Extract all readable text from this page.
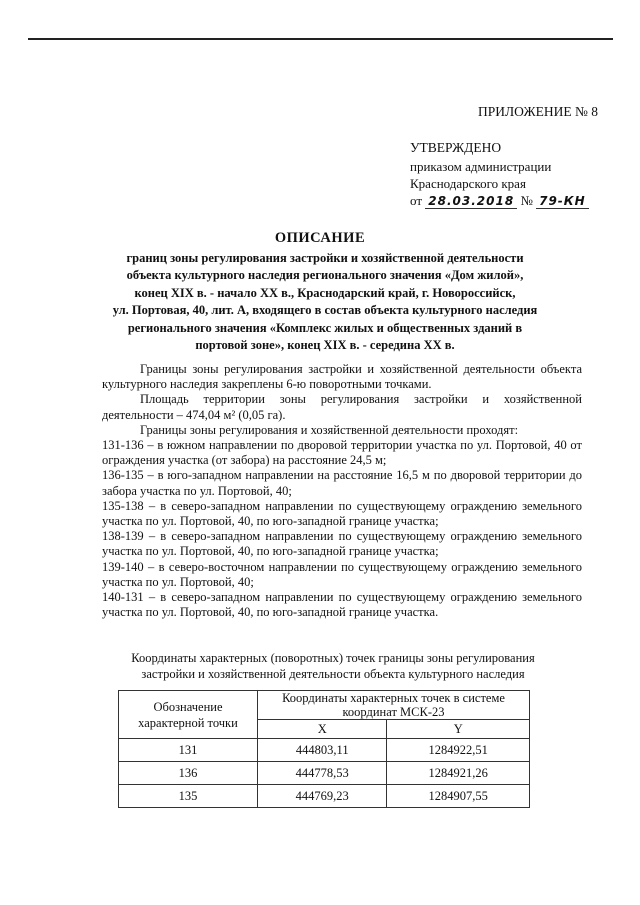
ПРИЛОЖЕНИЕ № 8
УТВЕРЖДЕНО
приказом администрации
Краснодарского края
от 28.03.2018 № 79-КН
ОПИСАНИЕ
границ зоны регулирования застройки и хозяйственной деятельности
объекта культурного наследия регионального значения «Дом жилой»,
конец XIX в. - начало XX в., Краснодарский край, г. Новороссийск,
ул. Портовая, 40, лит. А, входящего в состав объекта культурного наследия
регионального значения «Комплекс жилых и общественных зданий в
портовой зоне», конец XIX в. - середина XX в.

Границы зоны регулирования застройки и хозяйственной деятельности объекта культурного наследия закреплены 6-ю поворотными точками.

Площадь территории зоны регулирования застройки и хозяйственной деятельности – 474,04 м² (0,05 га).

Границы зоны регулирования и хозяйственной деятельности проходят:

131-136 – в южном направлении по дворовой территории участка по ул. Портовой, 40 от ограждения участка (от забора) на расстояние 24,5 м;

136-135 – в юго-западном направлении на расстояние 16,5 м по дворовой территории до забора участка по ул. Портовой, 40;

135-138 – в северо-западном направлении по существующему ограждению земельного участка по ул. Портовой, 40, по юго-западной границе участка;

138-139 – в северо-западном направлении по существующему ограждению земельного участка по ул. Портовой, 40, по юго-западной границе участка;

139-140 – в северо-восточном направлении по существующему ограждению земельного участка по ул. Портовой, 40;

140-131 – в северо-западном направлении по существующему ограждению земельного участка по ул. Портовой, 40, по юго-западной границе участка.

Координаты характерных (поворотных) точек границы зоны регулирования застройки и хозяйственной деятельности объекта культурного наследия
Обозначение характерной точки	Координаты характерных точек в системе координат МСК-23	
	X	Y
131	444803,11	1284922,51
136	444778,53	1284921,26
135	444769,23	1284907,55
